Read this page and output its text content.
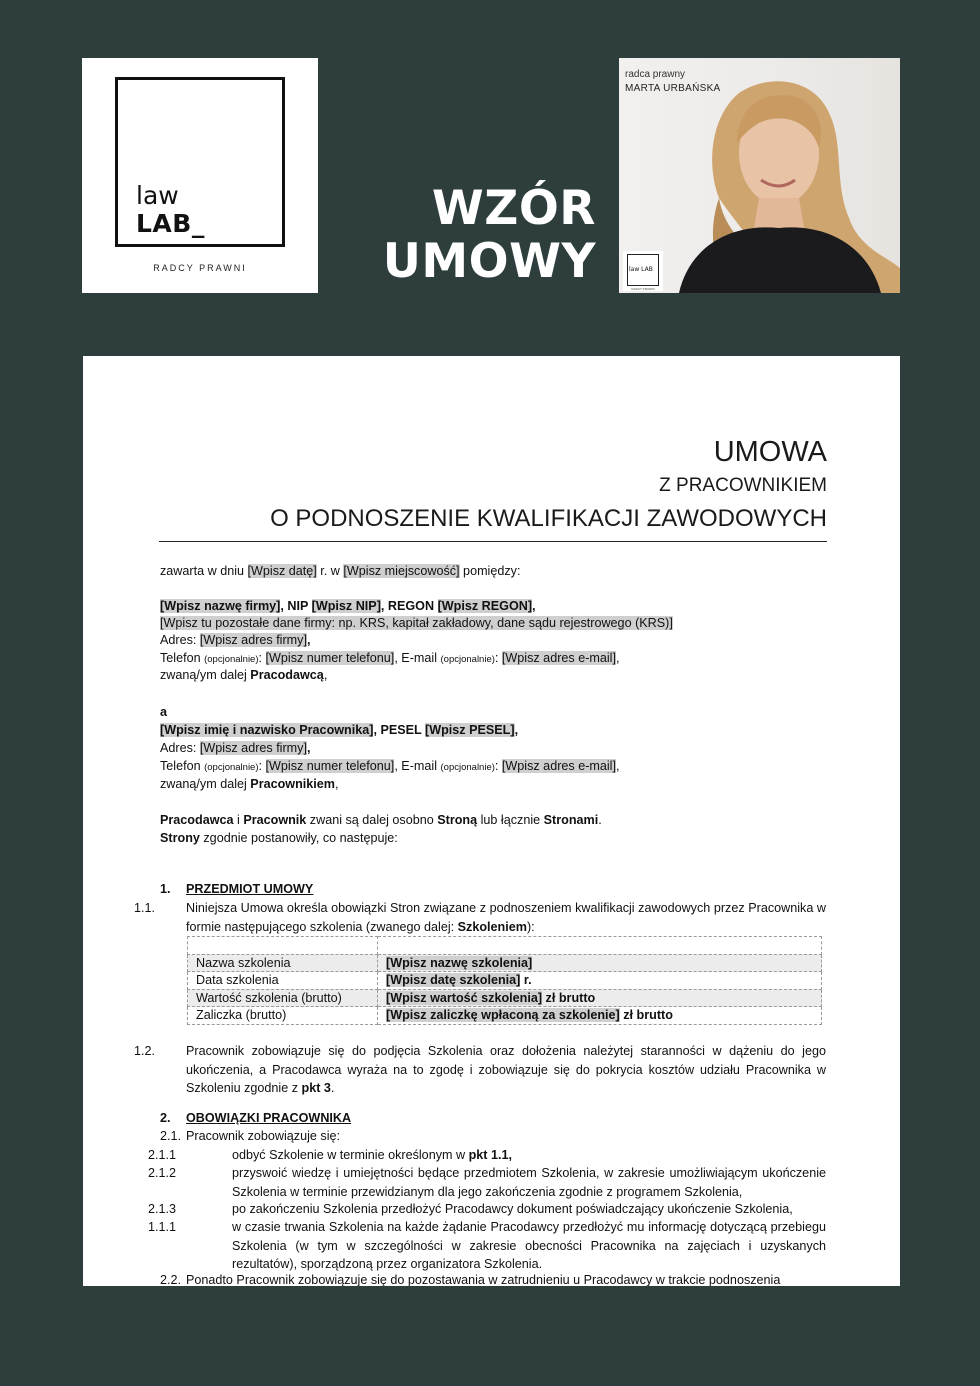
law
LAB_
RADCY PRAWNI
WZÓR
UMOWY
radca prawny
MARTA URBAŃSKA
law LAB
RADCY PRAWNI
UMOWA
Z PRACOWNIKIEM
O PODNOSZENIE KWALIFIKACJI ZAWODOWYCH
zawarta w dniu [Wpisz datę] r. w [Wpisz miejscowość] pomiędzy:
[Wpisz nazwę firmy], NIP [Wpisz NIP], REGON [Wpisz REGON],
[Wpisz tu pozostałe dane firmy: np. KRS, kapitał zakładowy, dane sądu rejestrowego (KRS)]
Adres: [Wpisz adres firmy],
Telefon (opcjonalnie): [Wpisz numer telefonu], E-mail (opcjonalnie): [Wpisz adres e-mail],
zwaną/ym dalej Pracodawcą,
a
[Wpisz imię i nazwisko Pracownika], PESEL [Wpisz PESEL],
Adres: [Wpisz adres firmy],
Telefon (opcjonalnie): [Wpisz numer telefonu], E-mail (opcjonalnie): [Wpisz adres e-mail],
zwaną/ym dalej Pracownikiem,
Pracodawca i Pracownik zwani są dalej osobno Stroną lub łącznie Stronami.
Strony zgodnie postanowiły, co następuje:
1. PRZEDMIOT UMOWY
1.1. Niniejsza Umowa określa obowiązki Stron związane z podnoszeniem kwalifikacji zawodowych przez Pracownika w formie następującego szkolenia (zwanego dalej: Szkoleniem):

Nazwa szkolenia	[Wpisz nazwę szkolenia]
Data szkolenia	[Wpisz datę szkolenia] r.
Wartość szkolenia (brutto)	[Wpisz wartość szkolenia] zł brutto
Zaliczka (brutto)	[Wpisz zaliczkę wpłaconą za szkolenie] zł brutto
1.2. Pracownik zobowiązuje się do podjęcia Szkolenia oraz dołożenia należytej staranności w dążeniu do jego ukończenia, a Pracodawca wyraża na to zgodę i zobowiązuje się do pokrycia kosztów udziału Pracownika w Szkoleniu zgodnie z pkt 3.
2. OBOWIĄZKI PRACOWNIKA
2.1. Pracownik zobowiązuje się:
2.1.1	odbyć Szkolenie w terminie określonym w pkt 1.1,
2.1.2	przyswoić wiedzę i umiejętności będące przedmiotem Szkolenia, w zakresie umożliwiającym ukończenie Szkolenia w terminie przewidzianym dla jego zakończenia zgodnie z programem Szkolenia,
2.1.3	po zakończeniu Szkolenia przedłożyć Pracodawcy dokument poświadczający ukończenie Szkolenia,
1.1.1	w czasie trwania Szkolenia na każde żądanie Pracodawcy przedłożyć mu informację dotyczącą przebiegu Szkolenia (w tym w szczególności w zakresie obecności Pracownika na zajęciach i uzyskanych rezultatów), sporządzoną przez organizatora Szkolenia.
2.2. Ponadto Pracownik zobowiązuje się do pozostawania w zatrudnieniu u Pracodawcy w trakcie podnoszenia
